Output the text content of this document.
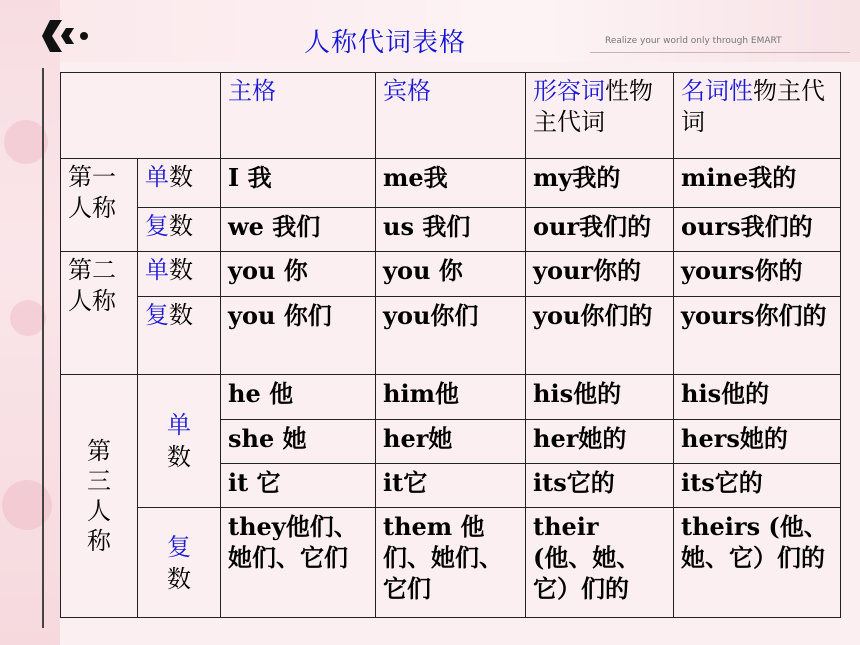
人称代词表格	Realize your world only through EMART
		主格	宾格	形容词性物主代词	名词性物主代词
第一人称	单数	I 我	me我	my我的	mine我的
	复数	we 我们	us 我们	our我们的	ours我们的
第二人称	单数	you 你	you 你	your你的	yours你的
	复数	you 你们	you你们	you你们的	yours你们的

第三人称	单数	he 他	him他	his他的	his他的
		she 她	her她	her她的	hers她的
		it 它	it它	its它的	its它的

	复数	they他们、她们、它们	them 他们、她们、它们	their (他、她、它）们的	theirs (他、她、它）们的
